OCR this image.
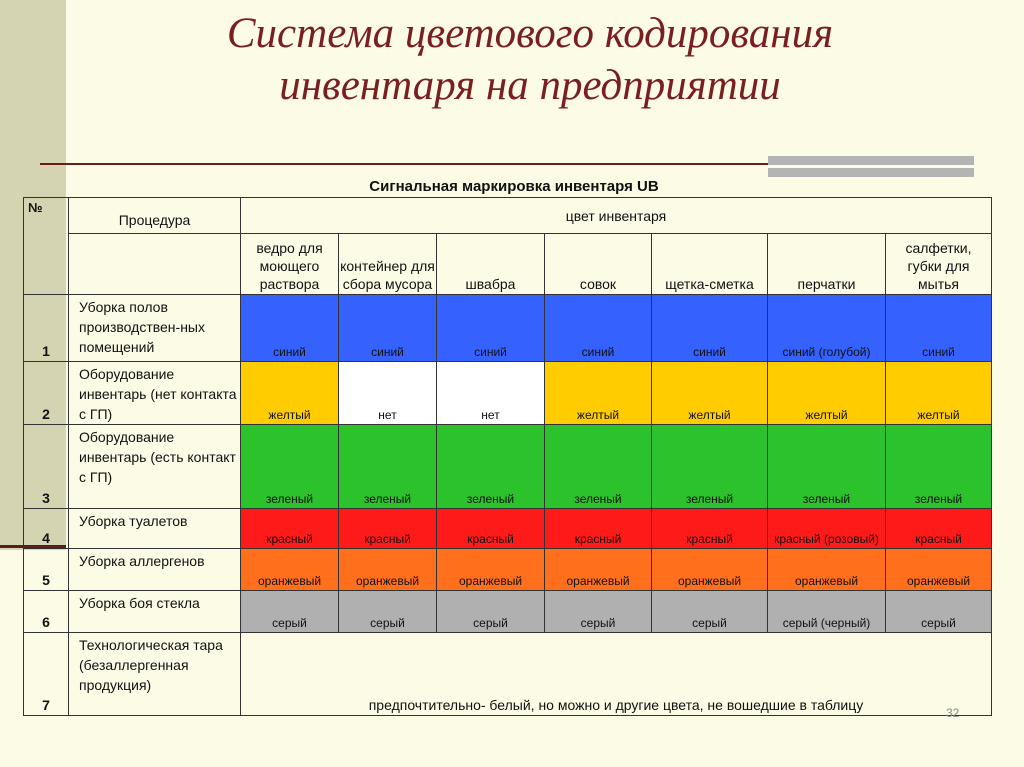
Система цветового кодирования
инвентаря на предприятии
Сигнальная маркировка инвентаря UB
№	Процедура	цвет инвентаря						
		ведро для моющего раствора	контейнер для сбора мусора	швабра	совок	щетка-сметка	перчатки	салфетки, губки для мытья
1	Уборка полов производствен-ных помещений	синий	синий	синий	синий	синий	синий (голубой)	синий
2	Оборудование инвентарь (нет контакта с ГП)	желтый	нет	нет	желтый	желтый	желтый	желтый
3	Оборудование инвентарь (есть контакт с ГП)	зеленый	зеленый	зеленый	зеленый	зеленый	зеленый	зеленый
4	Уборка туалетов	красный	красный	красный	красный	красный	красный (розовый)	красный
5	Уборка аллергенов	оранжевый	оранжевый	оранжевый	оранжевый	оранжевый	оранжевый	оранжевый
6	Уборка боя стекла	серый	серый	серый	серый	серый	серый (черный)	серый
7	Технологическая тара (безаллергенная продукция)	предпочтительно- белый, но можно и другие цвета, не вошедшие в таблицу							32
